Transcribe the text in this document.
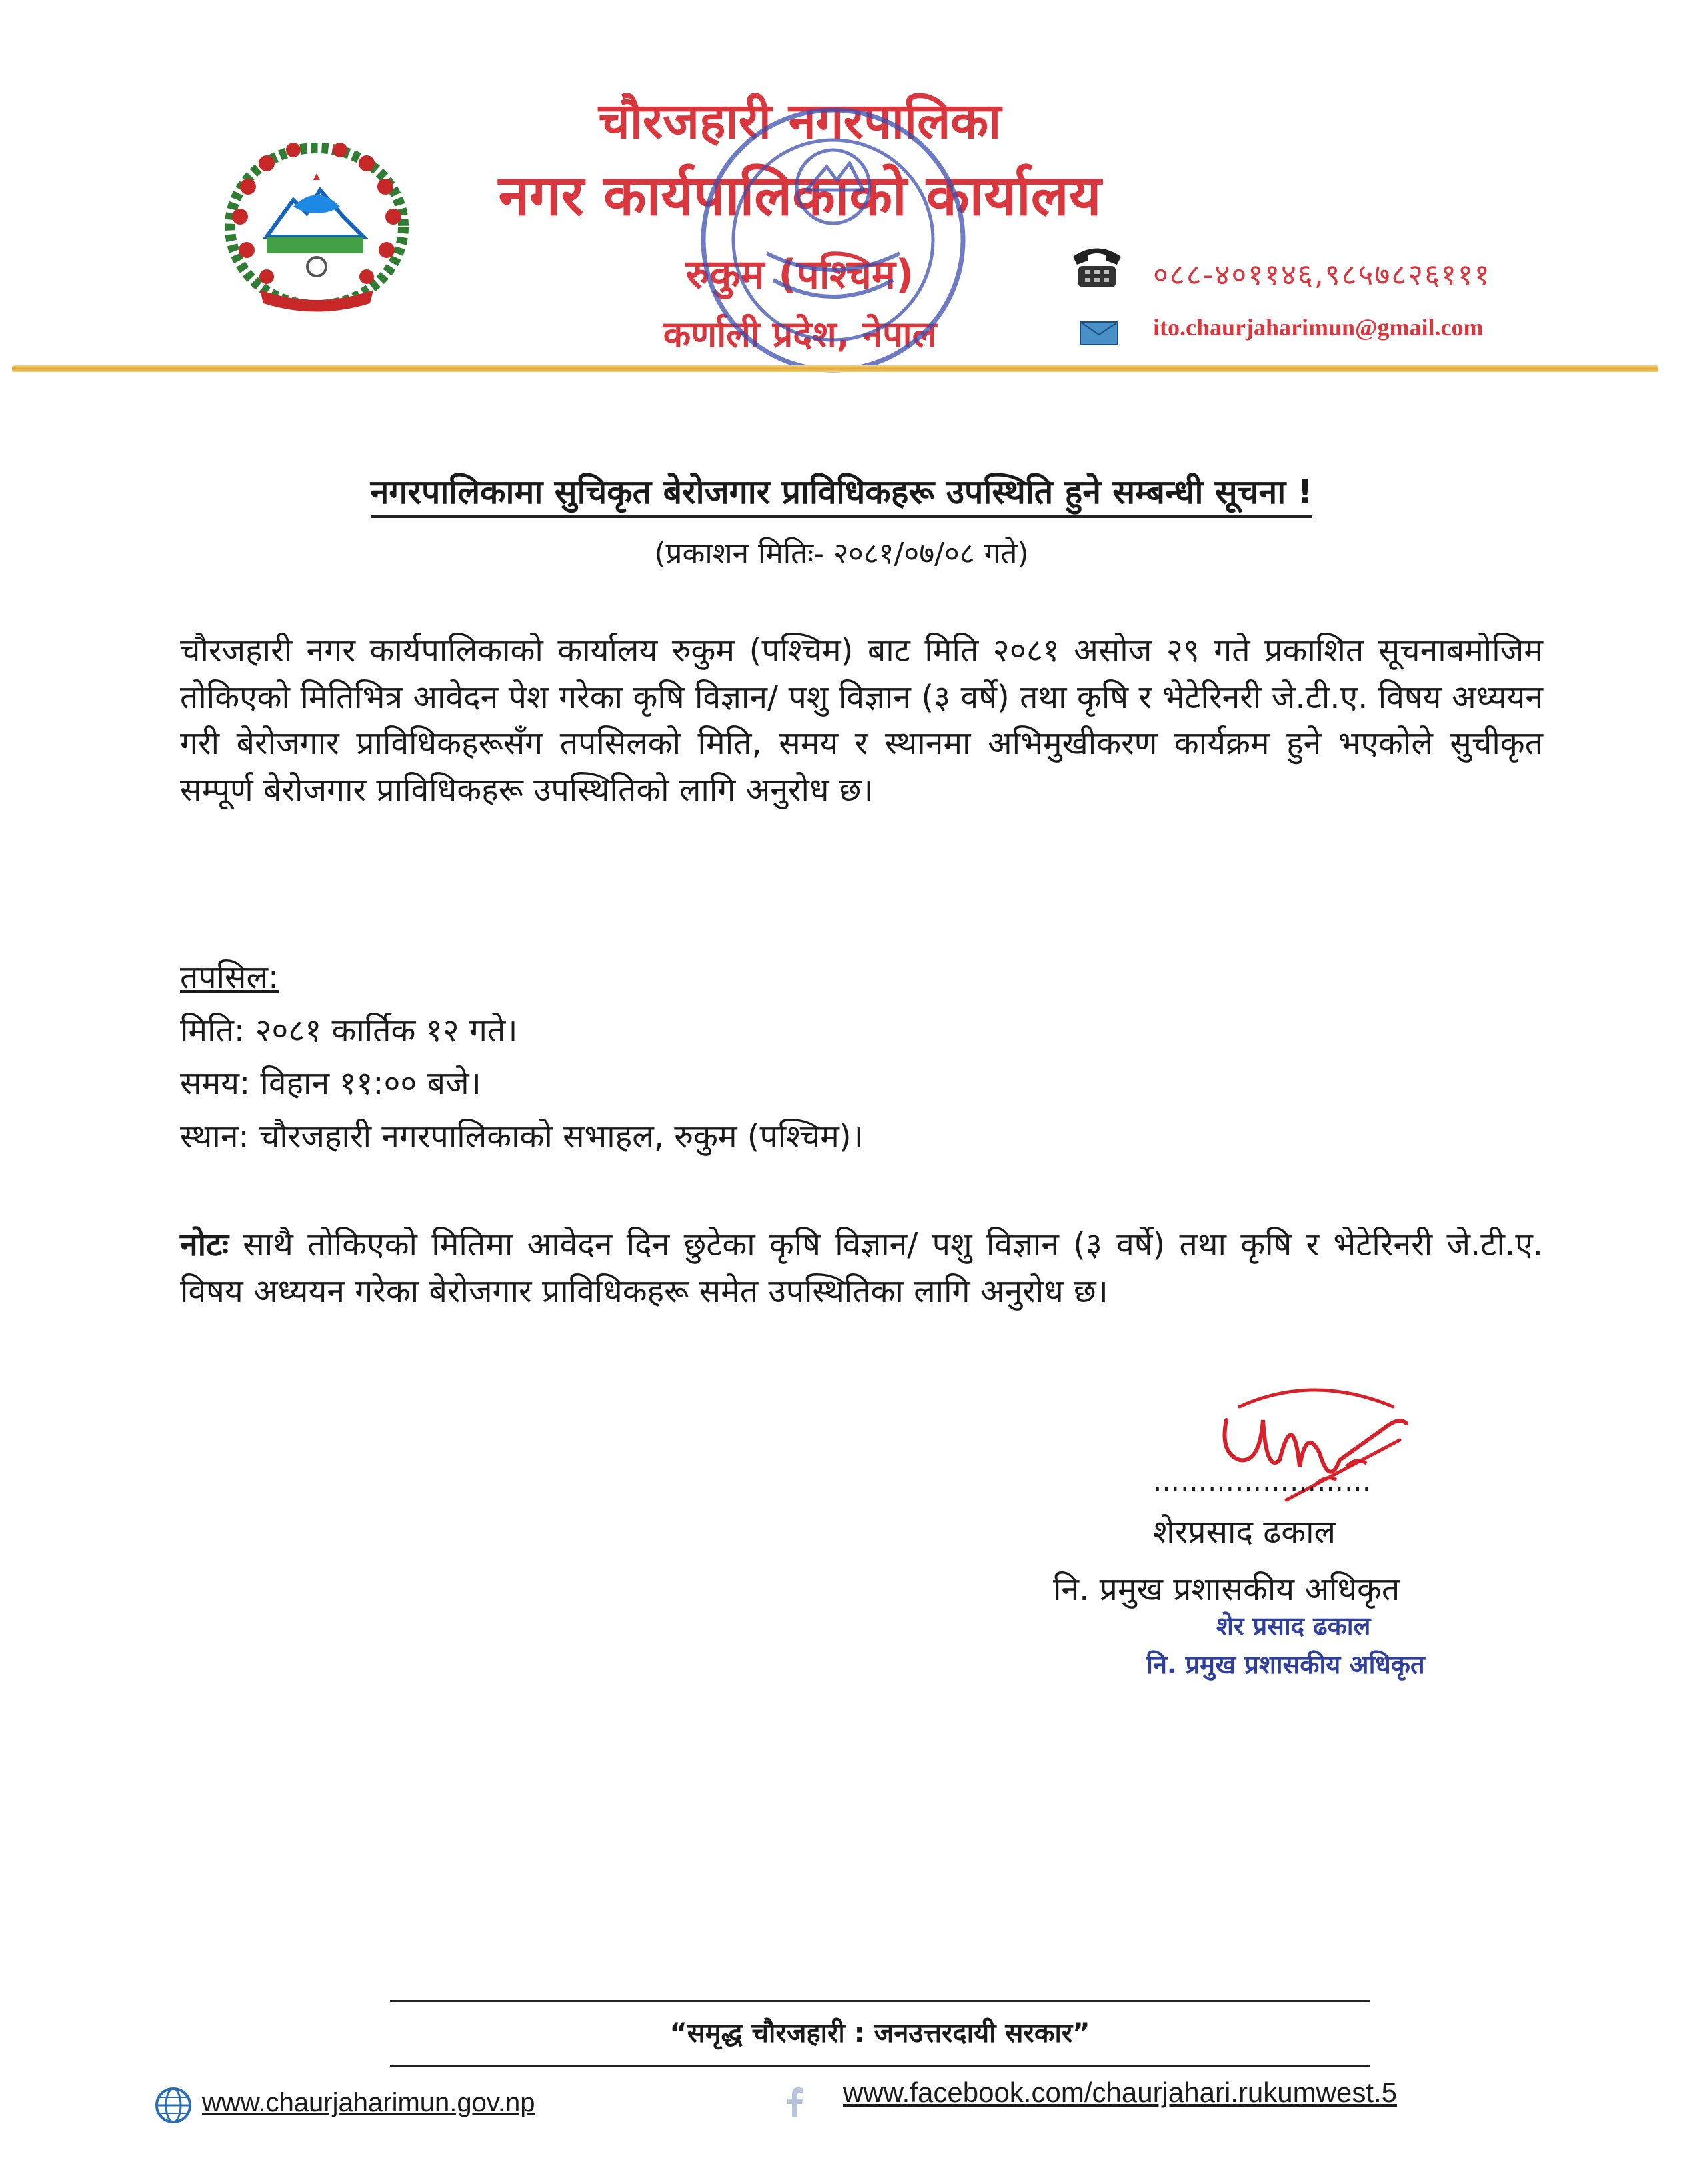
चौरजहारी नगरपालिका
नगर कार्यपालिकाको कार्यालय
रुकुम (पश्चिम)
कर्णाली प्रदेश, नेपाल
०८८-४०११४६,९८५७८२६१११
ito.chaurjaharimun@gmail.com
नगरपालिकामा सुचिकृत बेरोजगार प्राविधिकहरू उपस्थिति हुने सम्बन्धी सूचना !
(प्रकाशन मितिः- २०८१/०७/०८ गते)
चौरजहारी नगर कार्यपालिकाको कार्यालय रुकुम (पश्चिम) बाट मिति २०८१ असोज २९ गते प्रकाशित सूचनाबमोजिम तोकिएको मितिभित्र आवेदन पेश गरेका कृषि विज्ञान/ पशु विज्ञान (३ वर्षे) तथा कृषि र भेटेरिनरी जे.टी.ए. विषय अध्ययन गरी बेरोजगार प्राविधिकहरूसँग तपसिलको मिति, समय र स्थानमा अभिमुखीकरण कार्यक्रम हुने भएकोले सुचीकृत सम्पूर्ण बेरोजगार प्राविधिकहरू उपस्थितिको लागि अनुरोध छ।
तपसिल:
मिति: २०८१ कार्तिक १२ गते।
समय: विहान ११:०० बजे।
स्थान: चौरजहारी नगरपालिकाको सभाहल, रुकुम (पश्चिम)।
नोटः साथै तोकिएको मितिमा आवेदन दिन छुटेका कृषि विज्ञान/ पशु विज्ञान (३ वर्षे) तथा कृषि र भेटेरिनरी जे.टी.ए. विषय अध्ययन गरेका बेरोजगार प्राविधिकहरू समेत उपस्थितिका लागि अनुरोध छ।
……………………
शेरप्रसाद ढकाल
नि. प्रमुख प्रशासकीय अधिकृत
शेर प्रसाद ढकाल
नि. प्रमुख प्रशासकीय अधिकृत
“समृद्ध चौरजहारी : जनउत्तरदायी सरकार”
www.chaurjaharimun.gov.np	www.facebook.com/chaurjahari.rukumwest.5
